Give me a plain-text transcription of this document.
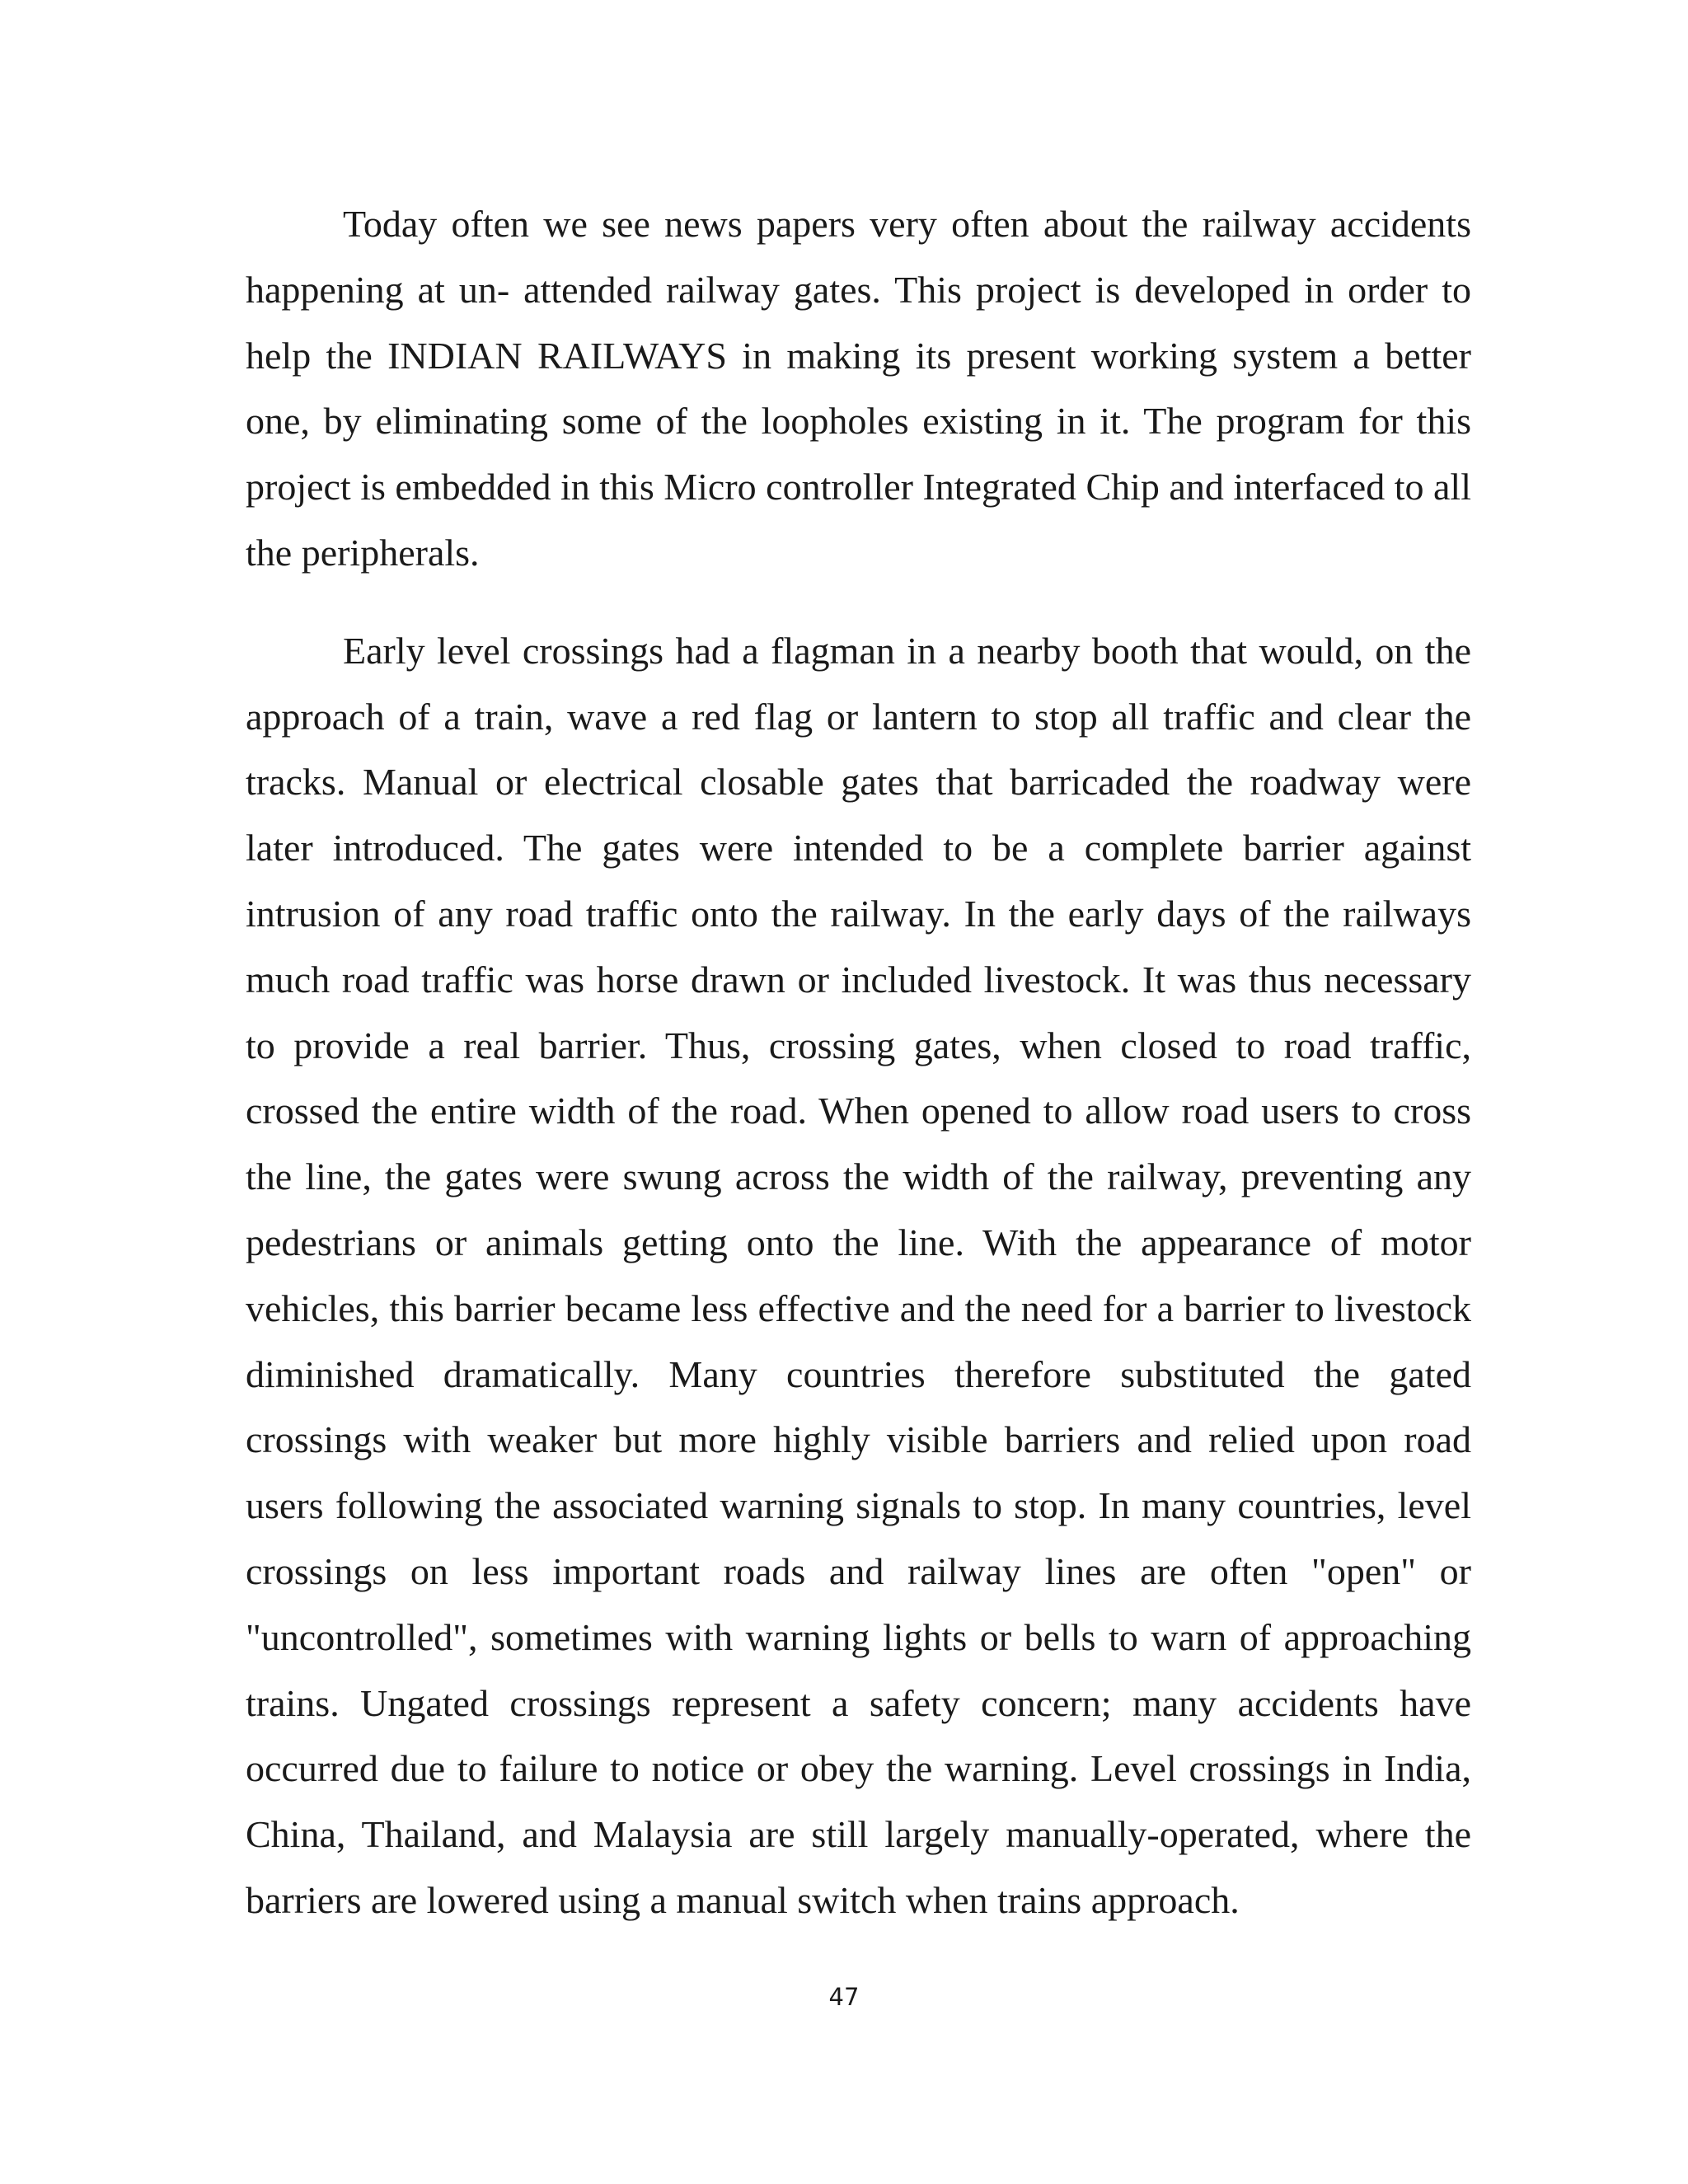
Today often we see news papers very often about the railway accidents happening at un- attended railway gates. This project is developed in order to help the INDIAN RAILWAYS in making its present working system a better one, by eliminating some of the loopholes existing in it. The program for this project is embedded in this Micro controller Integrated Chip and interfaced to all the peripherals.

Early level crossings had a flagman in a nearby booth that would, on the approach of a train, wave a red flag or lantern to stop all traffic and clear the tracks. Manual or electrical closable gates that barricaded the roadway were later introduced. The gates were intended to be a complete barrier against intrusion of any road traffic onto the railway. In the early days of the railways much road traffic was horse drawn or included livestock. It was thus necessary to provide a real barrier. Thus, crossing gates, when closed to road traffic, crossed the entire width of the road. When opened to allow road users to cross the line, the gates were swung across the width of the railway, preventing any pedestrians or animals getting onto the line. With the appearance of motor vehicles, this barrier became less effective and the need for a barrier to livestock diminished dramatically. Many countries therefore substituted the gated crossings with weaker but more highly visible barriers and relied upon road users following the associated warning signals to stop. In many countries, level crossings on less important roads and railway lines are often "open" or "uncontrolled", sometimes with warning lights or bells to warn of approaching trains. Ungated crossings represent a safety concern; many accidents have occurred due to failure to notice or obey the warning. Level crossings in India, China, Thailand, and Malaysia are still largely manually-operated, where the barriers are lowered using a manual switch when trains approach.

47
